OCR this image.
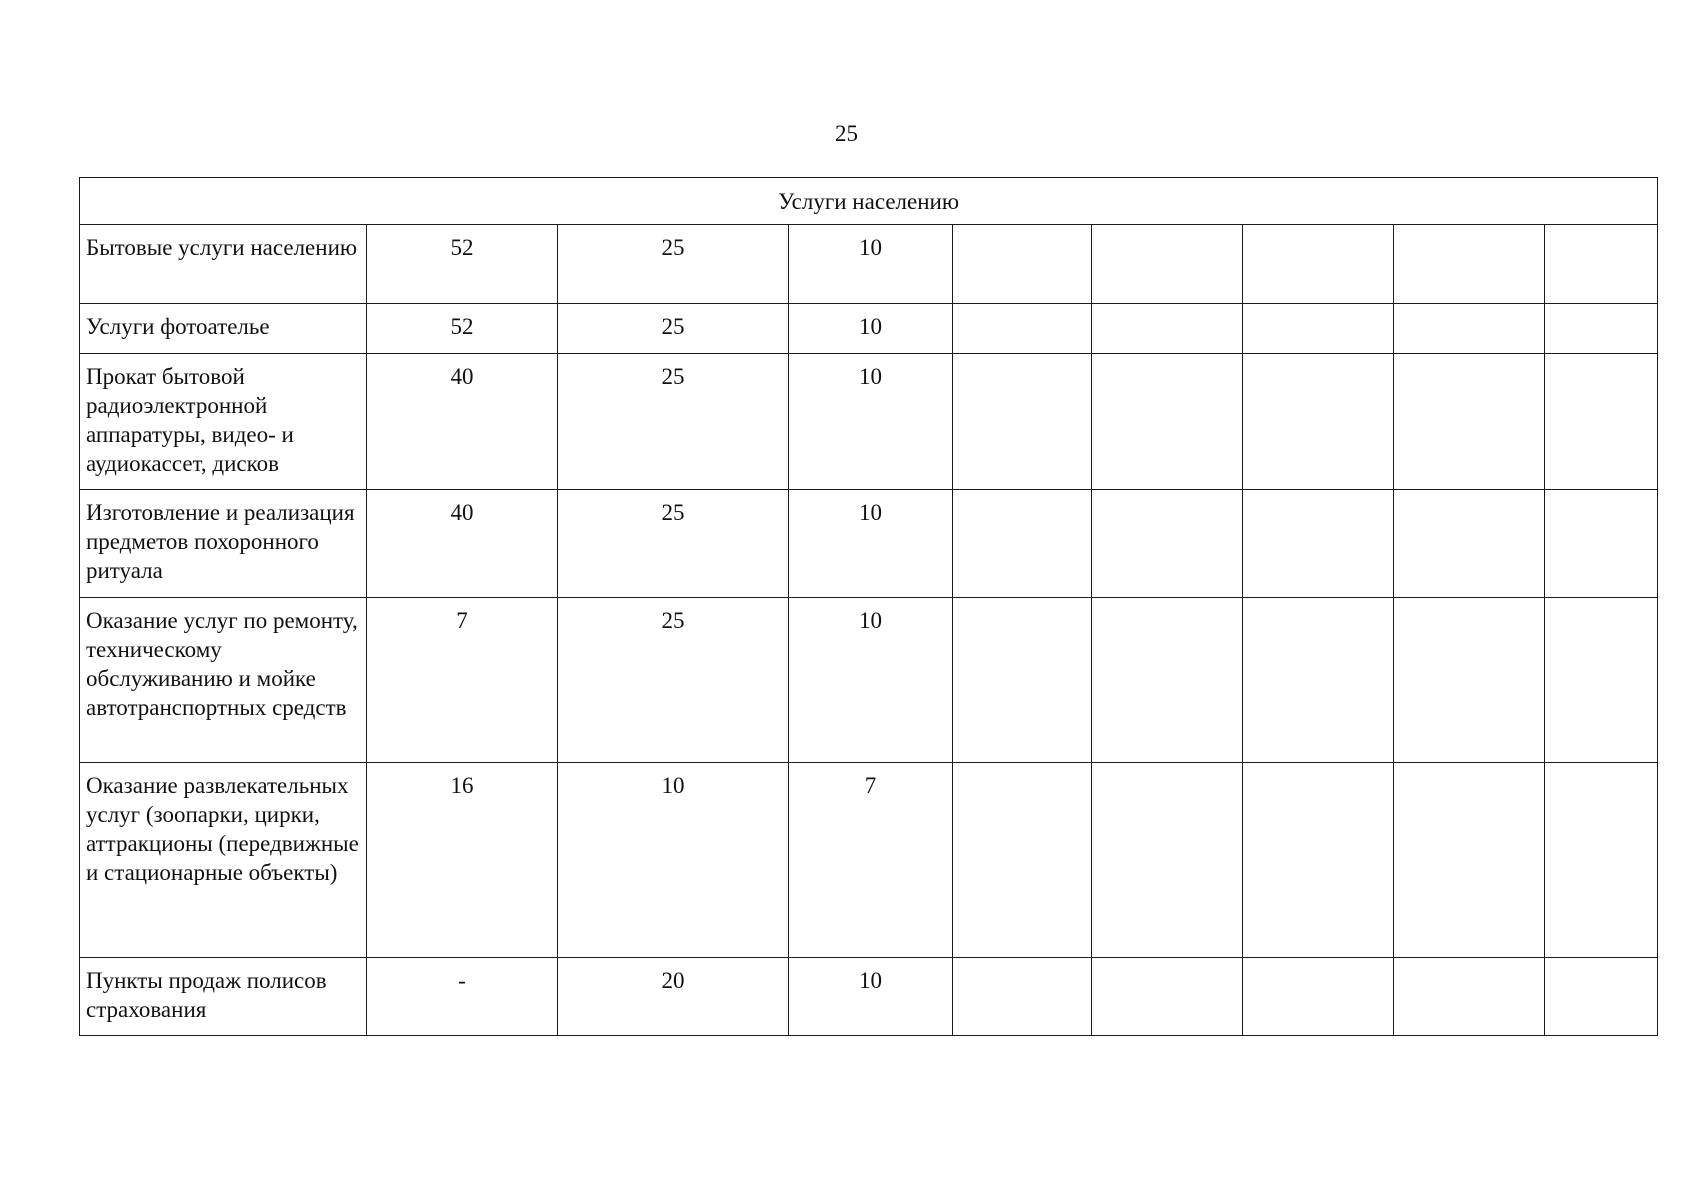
25
Услуги населению								
Бытовые услуги населению	52	25	10					
Услуги фотоателье	52	25	10					
Прокат бытовой радиоэлектронной аппаратуры, видео- и аудиокассет, дисков	40	25	10					
Изготовление и реализация предметов похоронного ритуала	40	25	10					
Оказание услуг по ремонту, техническому обслуживанию и мойке автотранспортных средств	7	25	10					
Оказание развлекательных услуг (зоопарки, цирки, аттракционы (передвижные и стационарные объекты)	16	10	7					
Пункты продаж полисов страхования	-	20	10					
